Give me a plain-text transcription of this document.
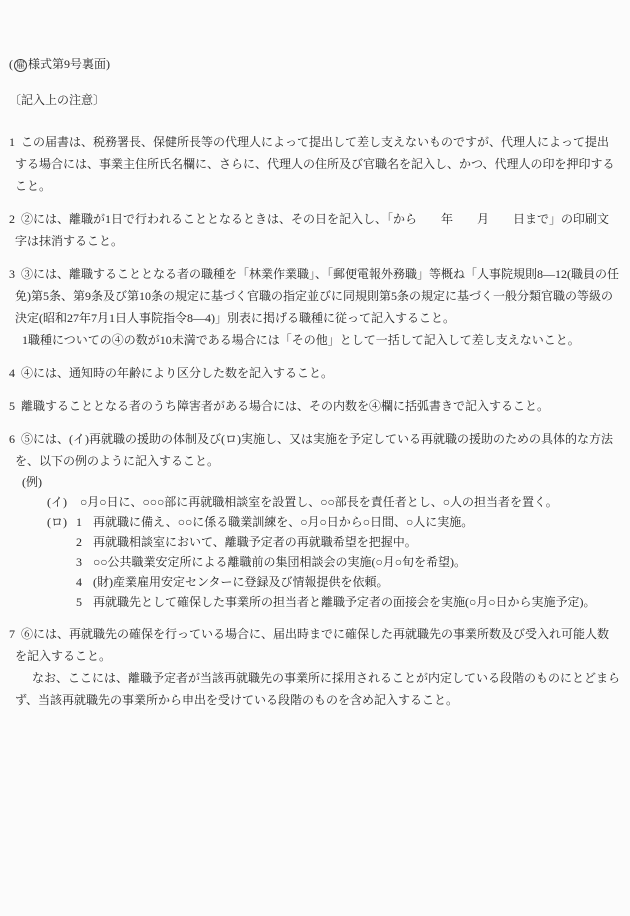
( 雇 様式第9号裏面)
〔記入上の注意〕
1 この届書は、税務署長、保健所長等の代理人によって提出して差し支えないものですが、代理人によって提出する場合には、事業主住所氏名欄に、さらに、代理人の住所及び官職名を記入し、かつ、代理人の印を押印すること。
2 ②には、離職が1日で行われることとなるときは、その日を記入し、「から　　年　　月　　日まで」の印刷文字は抹消すること。
3 ③には、離職することとなる者の職種を「林業作業職」、「郵便電報外務職」等概ね「人事院規則8―12(職員の任免)第5条、第9条及び第10条の規定に基づく官職の指定並びに同規則第5条の規定に基づく一般分類官職の等級の決定(昭和27年7月1日人事院指令8―4)」別表に掲げる職種に従って記入すること。
1職種についての④の数が10未満である場合には「その他」として一括して記入して差し支えないこと。
4 ④には、通知時の年齢により区分した数を記入すること。
5 離職することとなる者のうち障害者がある場合には、その内数を④欄に括弧書きで記入すること。
6 ⑤には、(イ)再就職の援助の体制及び(ロ)実施し、又は実施を予定している再就職の援助のための具体的な方法を、以下の例のように記入すること。
(例)
(イ)	○月○日に、○○○部に再就職相談室を設置し、○○部長を責任者とし、○人の担当者を置く。
(ロ) 1 再就職に備え、○○に係る職業訓練を、○月○日から○日間、○人に実施。
2 再就職相談室において、離職予定者の再就職希望を把握中。
3 ○○公共職業安定所による離職前の集団相談会の実施(○月○旬を希望)。
4 (財)産業雇用安定センターに登録及び情報提供を依頼。
5 再就職先として確保した事業所の担当者と離職予定者の面接会を実施(○月○日から実施予定)。
7 ⑥には、再就職先の確保を行っている場合に、届出時までに確保した再就職先の事業所数及び受入れ可能人数を記入すること。
なお、ここには、離職予定者が当該再就職先の事業所に採用されることが内定している段階のものにとどまらず、当該再就職先の事業所から申出を受けている段階のものを含め記入すること。
